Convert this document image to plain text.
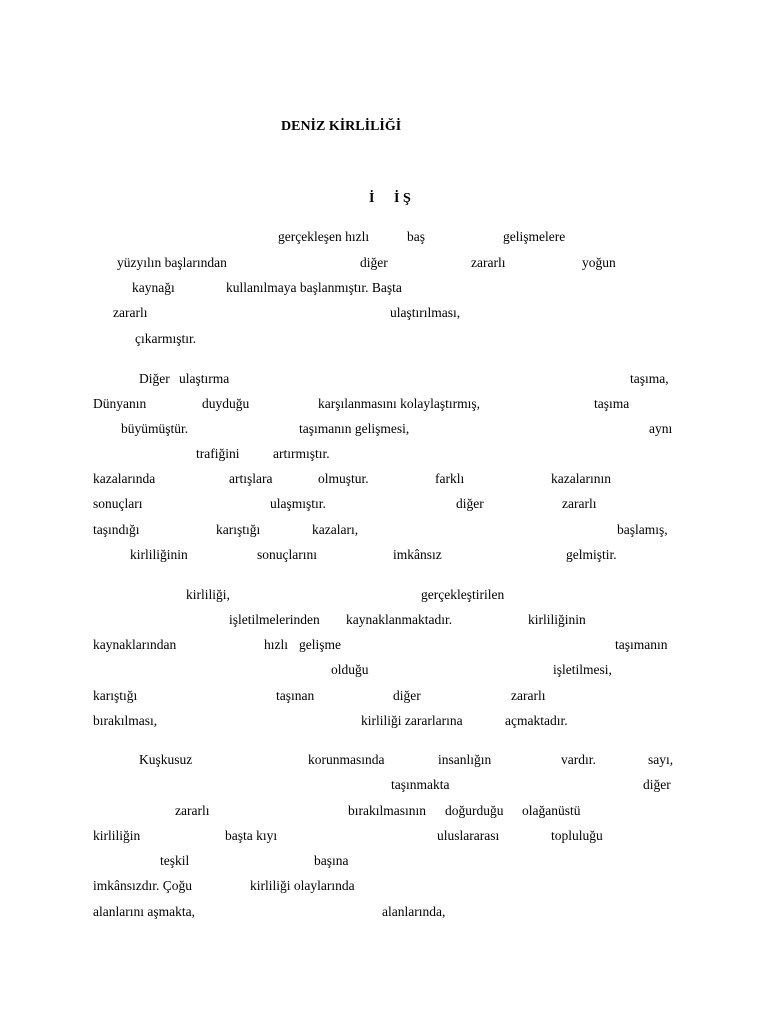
DENİZ KİRLİLİĞİ
İ İ Ş
gerçekleşen hızlı	baş	gelişmelere
yüzyılın başlarından	diğer	zararlı	yoğun
kaynağı	kullanılmaya başlanmıştır. Başta
zararlı	ulaştırılması,
çıkarmıştır.
Diğer ulaştırma	taşıma,
Dünyanın	duyduğu	karşılanmasını kolaylaştırmış,	taşıma
büyümüştür.	taşımanın gelişmesi,	aynı
trafiğini artırmıştır.
kazalarında	artışlara	olmuştur.	farklı	kazalarının
sonuçları	ulaşmıştır.	diğer	zararlı
taşındığı	karıştığı	kazaları,	başlamış,
kirliliğinin	sonuçlarını	imkânsız	gelmiştir.
kirliliği,	gerçekleştirilen
işletilmelerinden kaynaklanmaktadır.	kirliliğinin
kaynaklarından	hızlı gelişme	taşımanın
olduğu	işletilmesi,
karıştığı	taşınan	diğer	zararlı
bırakılması,	kirliliği zararlarına	açmaktadır.
Kuşkusuz	korunmasında	insanlığın	vardır.	sayı,
taşınmakta	diğer
zararlı	bırakılmasının doğurduğu olağanüstü
kirliliğin	başta kıyı	uluslararası	topluluğu
teşkil	başına
imkânsızdır. Çoğu	kirliliği olaylarında
alanlarını aşmakta,	alanlarında,
